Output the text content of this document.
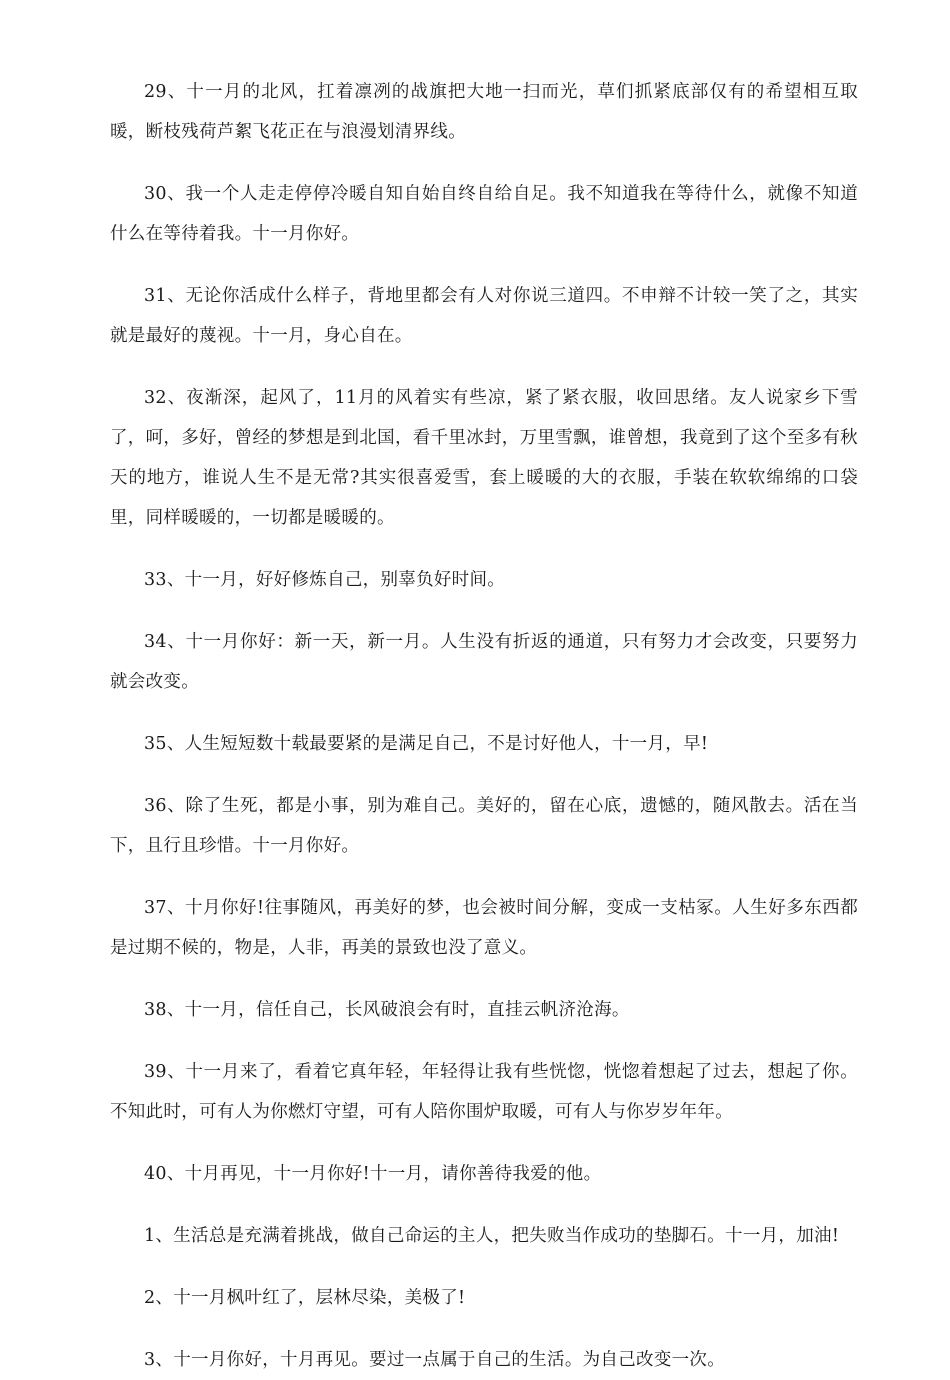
29、十一月的北风，扛着凛冽的战旗把大地一扫而光，草们抓紧底部仅有的希望相互取暖，断枝残荷芦絮飞花正在与浪漫划清界线。

30、我一个人走走停停冷暖自知自始自终自给自足。我不知道我在等待什么，就像不知道什么在等待着我。十一月你好。

31、无论你活成什么样子，背地里都会有人对你说三道四。不申辩不计较一笑了之，其实就是最好的蔑视。十一月，身心自在。

32、夜渐深，起风了，11月的风着实有些凉，紧了紧衣服，收回思绪。友人说家乡下雪了，呵，多好，曾经的梦想是到北国，看千里冰封，万里雪飘，谁曾想，我竟到了这个至多有秋天的地方，谁说人生不是无常?其实很喜爱雪，套上暖暖的大的衣服，手装在软软绵绵的口袋里，同样暖暖的，一切都是暖暖的。

33、十一月，好好修炼自己，别辜负好时间。

34、十一月你好：新一天，新一月。人生没有折返的通道，只有努力才会改变，只要努力就会改变。

35、人生短短数十载最要紧的是满足自己，不是讨好他人，十一月，早!

36、除了生死，都是小事，别为难自己。美好的，留在心底，遗憾的，随风散去。活在当下，且行且珍惜。十一月你好。

37、十月你好!往事随风，再美好的梦，也会被时间分解，变成一支枯冢。人生好多东西都是过期不候的，物是，人非，再美的景致也没了意义。

38、十一月，信任自己，长风破浪会有时，直挂云帆济沧海。

39、十一月来了，看着它真年轻，年轻得让我有些恍惚，恍惚着想起了过去，想起了你。不知此时，可有人为你燃灯守望，可有人陪你围炉取暖，可有人与你岁岁年年。

40、十月再见，十一月你好!十一月，请你善待我爱的他。

1、生活总是充满着挑战，做自己命运的主人，把失败当作成功的垫脚石。十一月，加油!

2、十一月枫叶红了，层林尽染，美极了!

3、十一月你好，十月再见。要过一点属于自己的生活。为自己改变一次。
